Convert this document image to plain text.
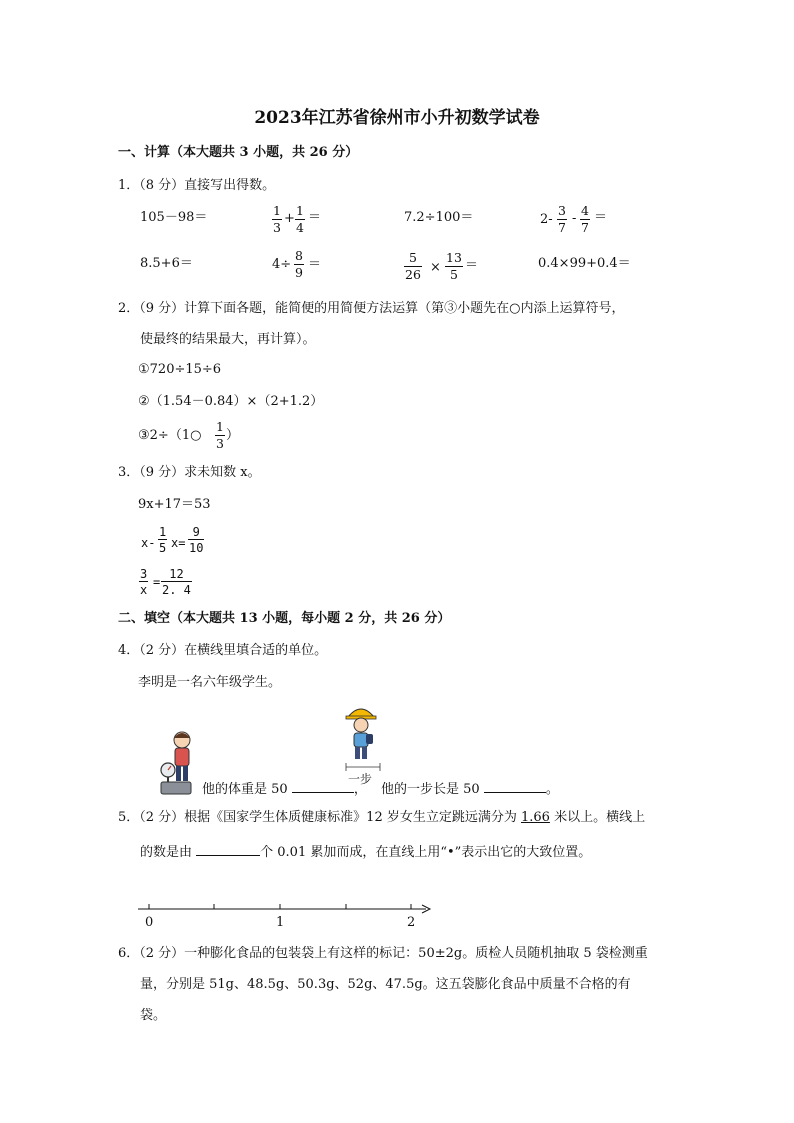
2023年江苏省徐州市小升初数学试卷
一、计算（本大题共 3 小题，共 26 分）
1．（8 分）直接写出得数。
105－98＝	$\frac{1}{3} + \frac{1}{4}$ ＝	7.2÷100＝	$2- \frac{3}{7} - \frac{4}{7}$ ＝
8.5+6＝	$4\div \frac{8}{9}$ ＝	$\frac{5}{26} \times \frac{13}{5}$ ＝	0.4×99+0.4＝
2．（9 分）计算下面各题，能简便的用简便方法运算（第③小题先在○内添上运算符号，
使最终的结果最大，再计算）。
①720÷15÷6
②（1.54－0.84）×（2+1.2）
③2÷（1○ $\frac{1}{3}$ ）
3．（9 分）求未知数 x。
9x+17＝53
$x- \frac{1}{5} x= \frac{9}{10}$
$\frac{3}{x} = \frac{12}{2. 4}$
二、填空（本大题共 13 小题，每小题 2 分，共 26 分）
4．（2 分）在横线里填合适的单位。
李明是一名六年级学生。
他的体重是 50	，
一步
他的一步长是 50	。
5．（2 分）根据《国家学生体质健康标准》12 岁女生立定跳远满分为 1.66 米以上。横线上
的数是由	个 0.01 累加而成，在直线上用“•”表示出它的大致位置。
0	1	2
6．（2 分）一种膨化食品的包装袋上有这样的标记：50±2g。质检人员随机抽取 5 袋检测重
量，分别是 51g、48.5g、50.3g、52g、47.5g。这五袋膨化食品中质量不合格的有
袋。
